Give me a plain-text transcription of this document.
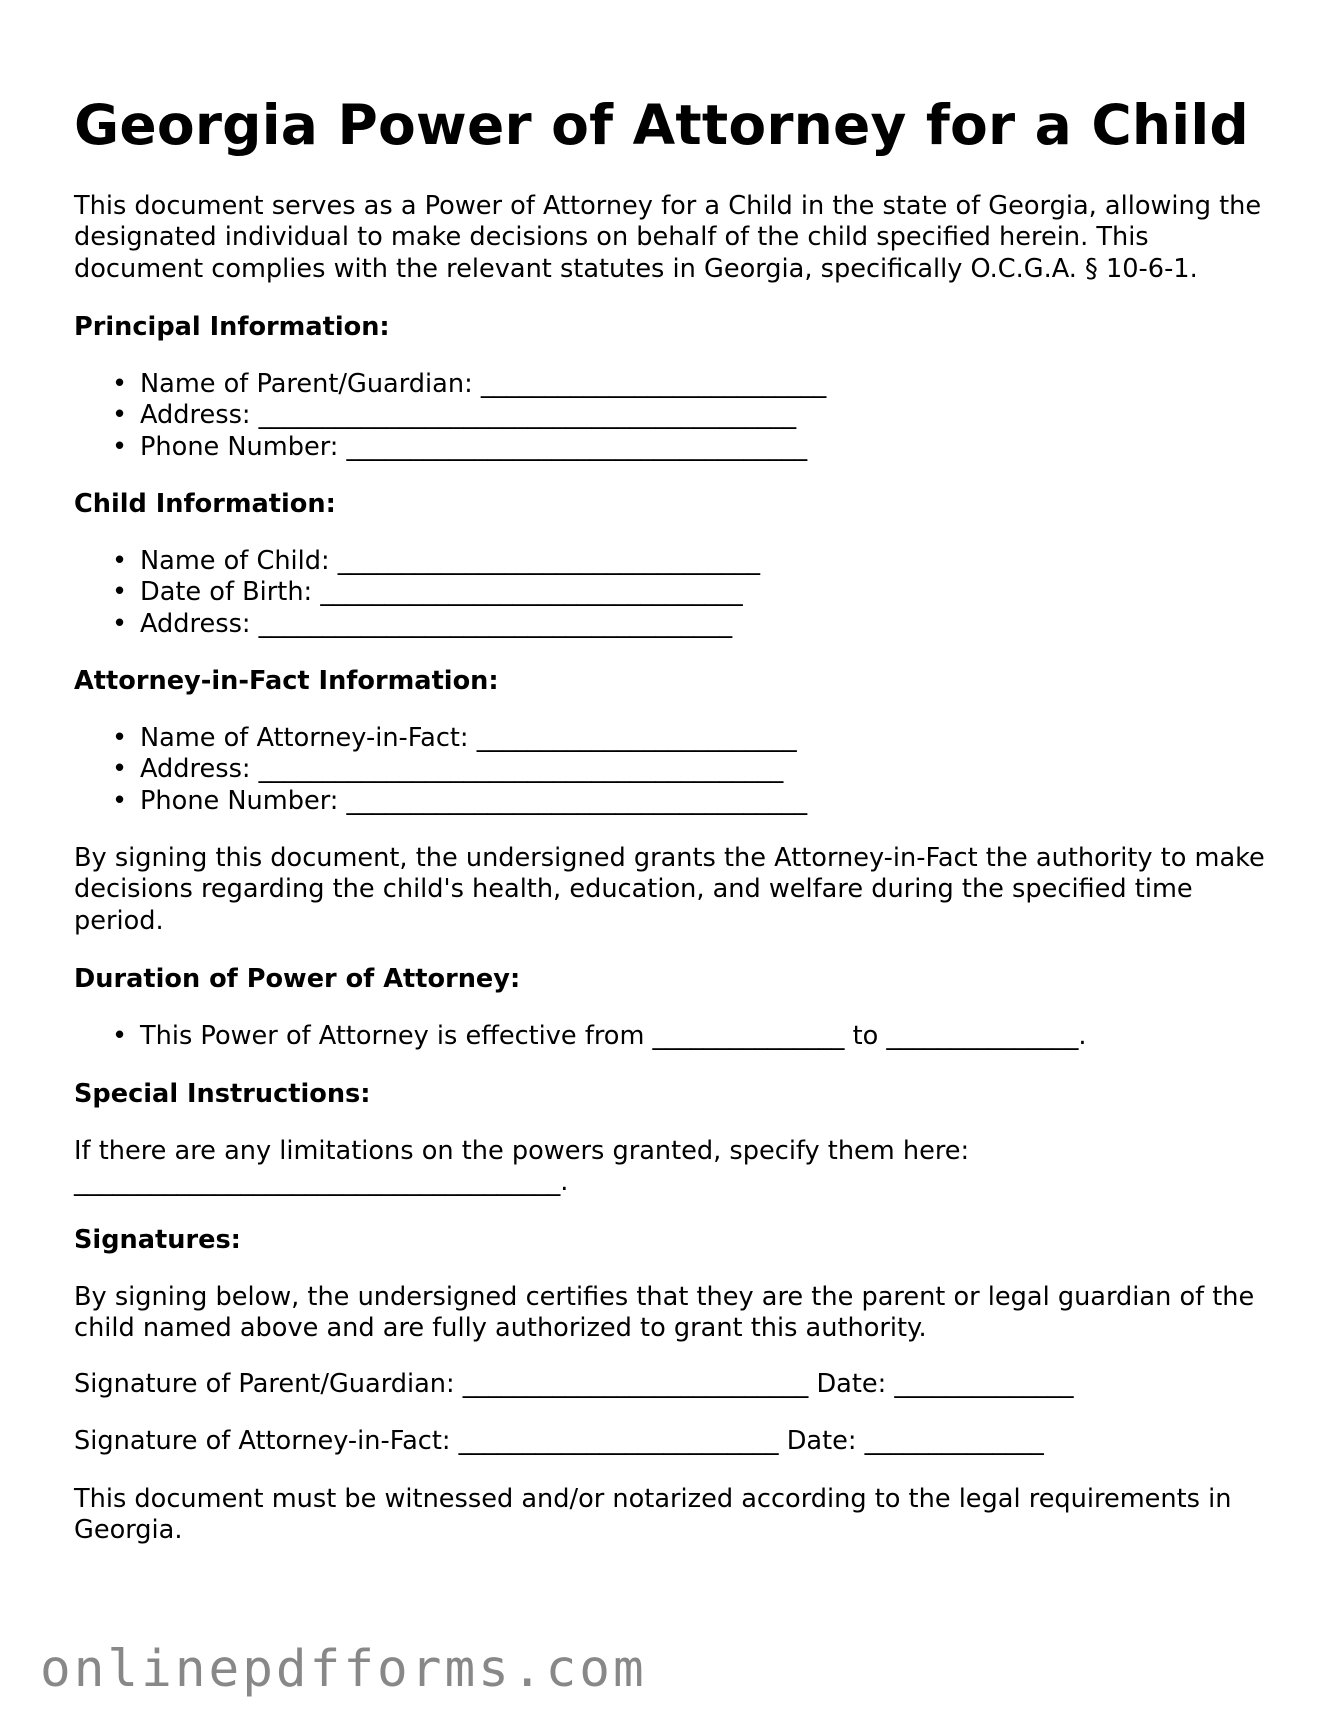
Georgia Power of Attorney for a Child

This document serves as a Power of Attorney for a Child in the state of Georgia, allowing the designated individual to make decisions on behalf of the child specified herein. This document complies with the relevant statutes in Georgia, specifically O.C.G.A. § 10-6-1.

Principal Information:

• Name of Parent/Guardian: ___________________________
• Address: __________________________________________
• Phone Number: ____________________________________

Child Information:

• Name of Child: _________________________________
• Date of Birth: _________________________________
• Address: _____________________________________

Attorney-in-Fact Information:

• Name of Attorney-in-Fact: _________________________
• Address: _________________________________________
• Phone Number: ____________________________________

By signing this document, the undersigned grants the Attorney-in-Fact the authority to make decisions regarding the child's health, education, and welfare during the specified time period.

Duration of Power of Attorney:

• This Power of Attorney is effective from _______________ to _______________.

Special Instructions:

If there are any limitations on the powers granted, specify them here:
______________________________________.

Signatures:

By signing below, the undersigned certifies that they are the parent or legal guardian of the child named above and are fully authorized to grant this authority.

Signature of Parent/Guardian: ___________________________ Date: ______________

Signature of Attorney-in-Fact: _________________________ Date: ______________

This document must be witnessed and/or notarized according to the legal requirements in Georgia.

onlinepdfforms.com
